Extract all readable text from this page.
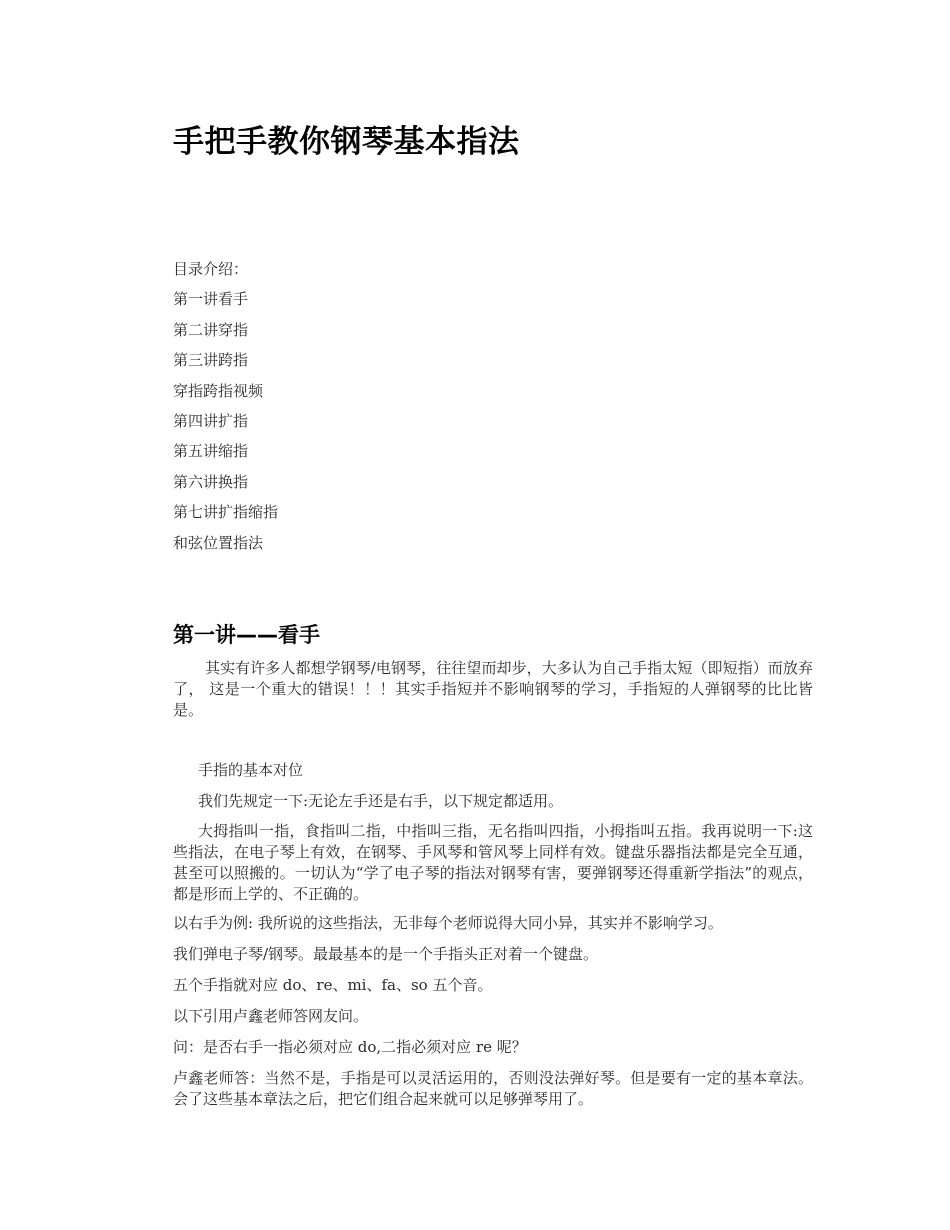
手把手教你钢琴基本指法
目录介绍：
第一讲看手
第二讲穿指
第三讲跨指
穿指跨指视频
第四讲扩指
第五讲缩指
第六讲换指
第七讲扩指缩指
和弦位置指法
第一讲——看手

其实有许多人都想学钢琴/电钢琴，往往望而却步，大多认为自己手指太短（即短指）而放弃了， 这是一个重大的错误！！！其实手指短并不影响钢琴的学习，手指短的人弹钢琴的比比皆是。

手指的基本对位

我们先规定一下:无论左手还是右手，以下规定都适用。

大拇指叫一指，食指叫二指，中指叫三指，无名指叫四指，小拇指叫五指。我再说明一下:这些指法，在电子琴上有效，在钢琴、手风琴和管风琴上同样有效。键盘乐器指法都是完全互通，甚至可以照搬的。一切认为“学了电子琴的指法对钢琴有害，要弹钢琴还得重新学指法”的观点，都是形而上学的、不正确的。

以右手为例: 我所说的这些指法，无非每个老师说得大同小异，其实并不影响学习。

我们弹电子琴/钢琴。最最基本的是一个手指头正对着一个键盘。

五个手指就对应 do、re、mi、fa、so 五个音。

以下引用卢鑫老师答网友问。

问：是否右手一指必须对应 do,二指必须对应 re 呢？

卢鑫老师答：当然不是，手指是可以灵活运用的，否则没法弹好琴。但是要有一定的基本章法。会了这些基本章法之后，把它们组合起来就可以足够弹琴用了。
